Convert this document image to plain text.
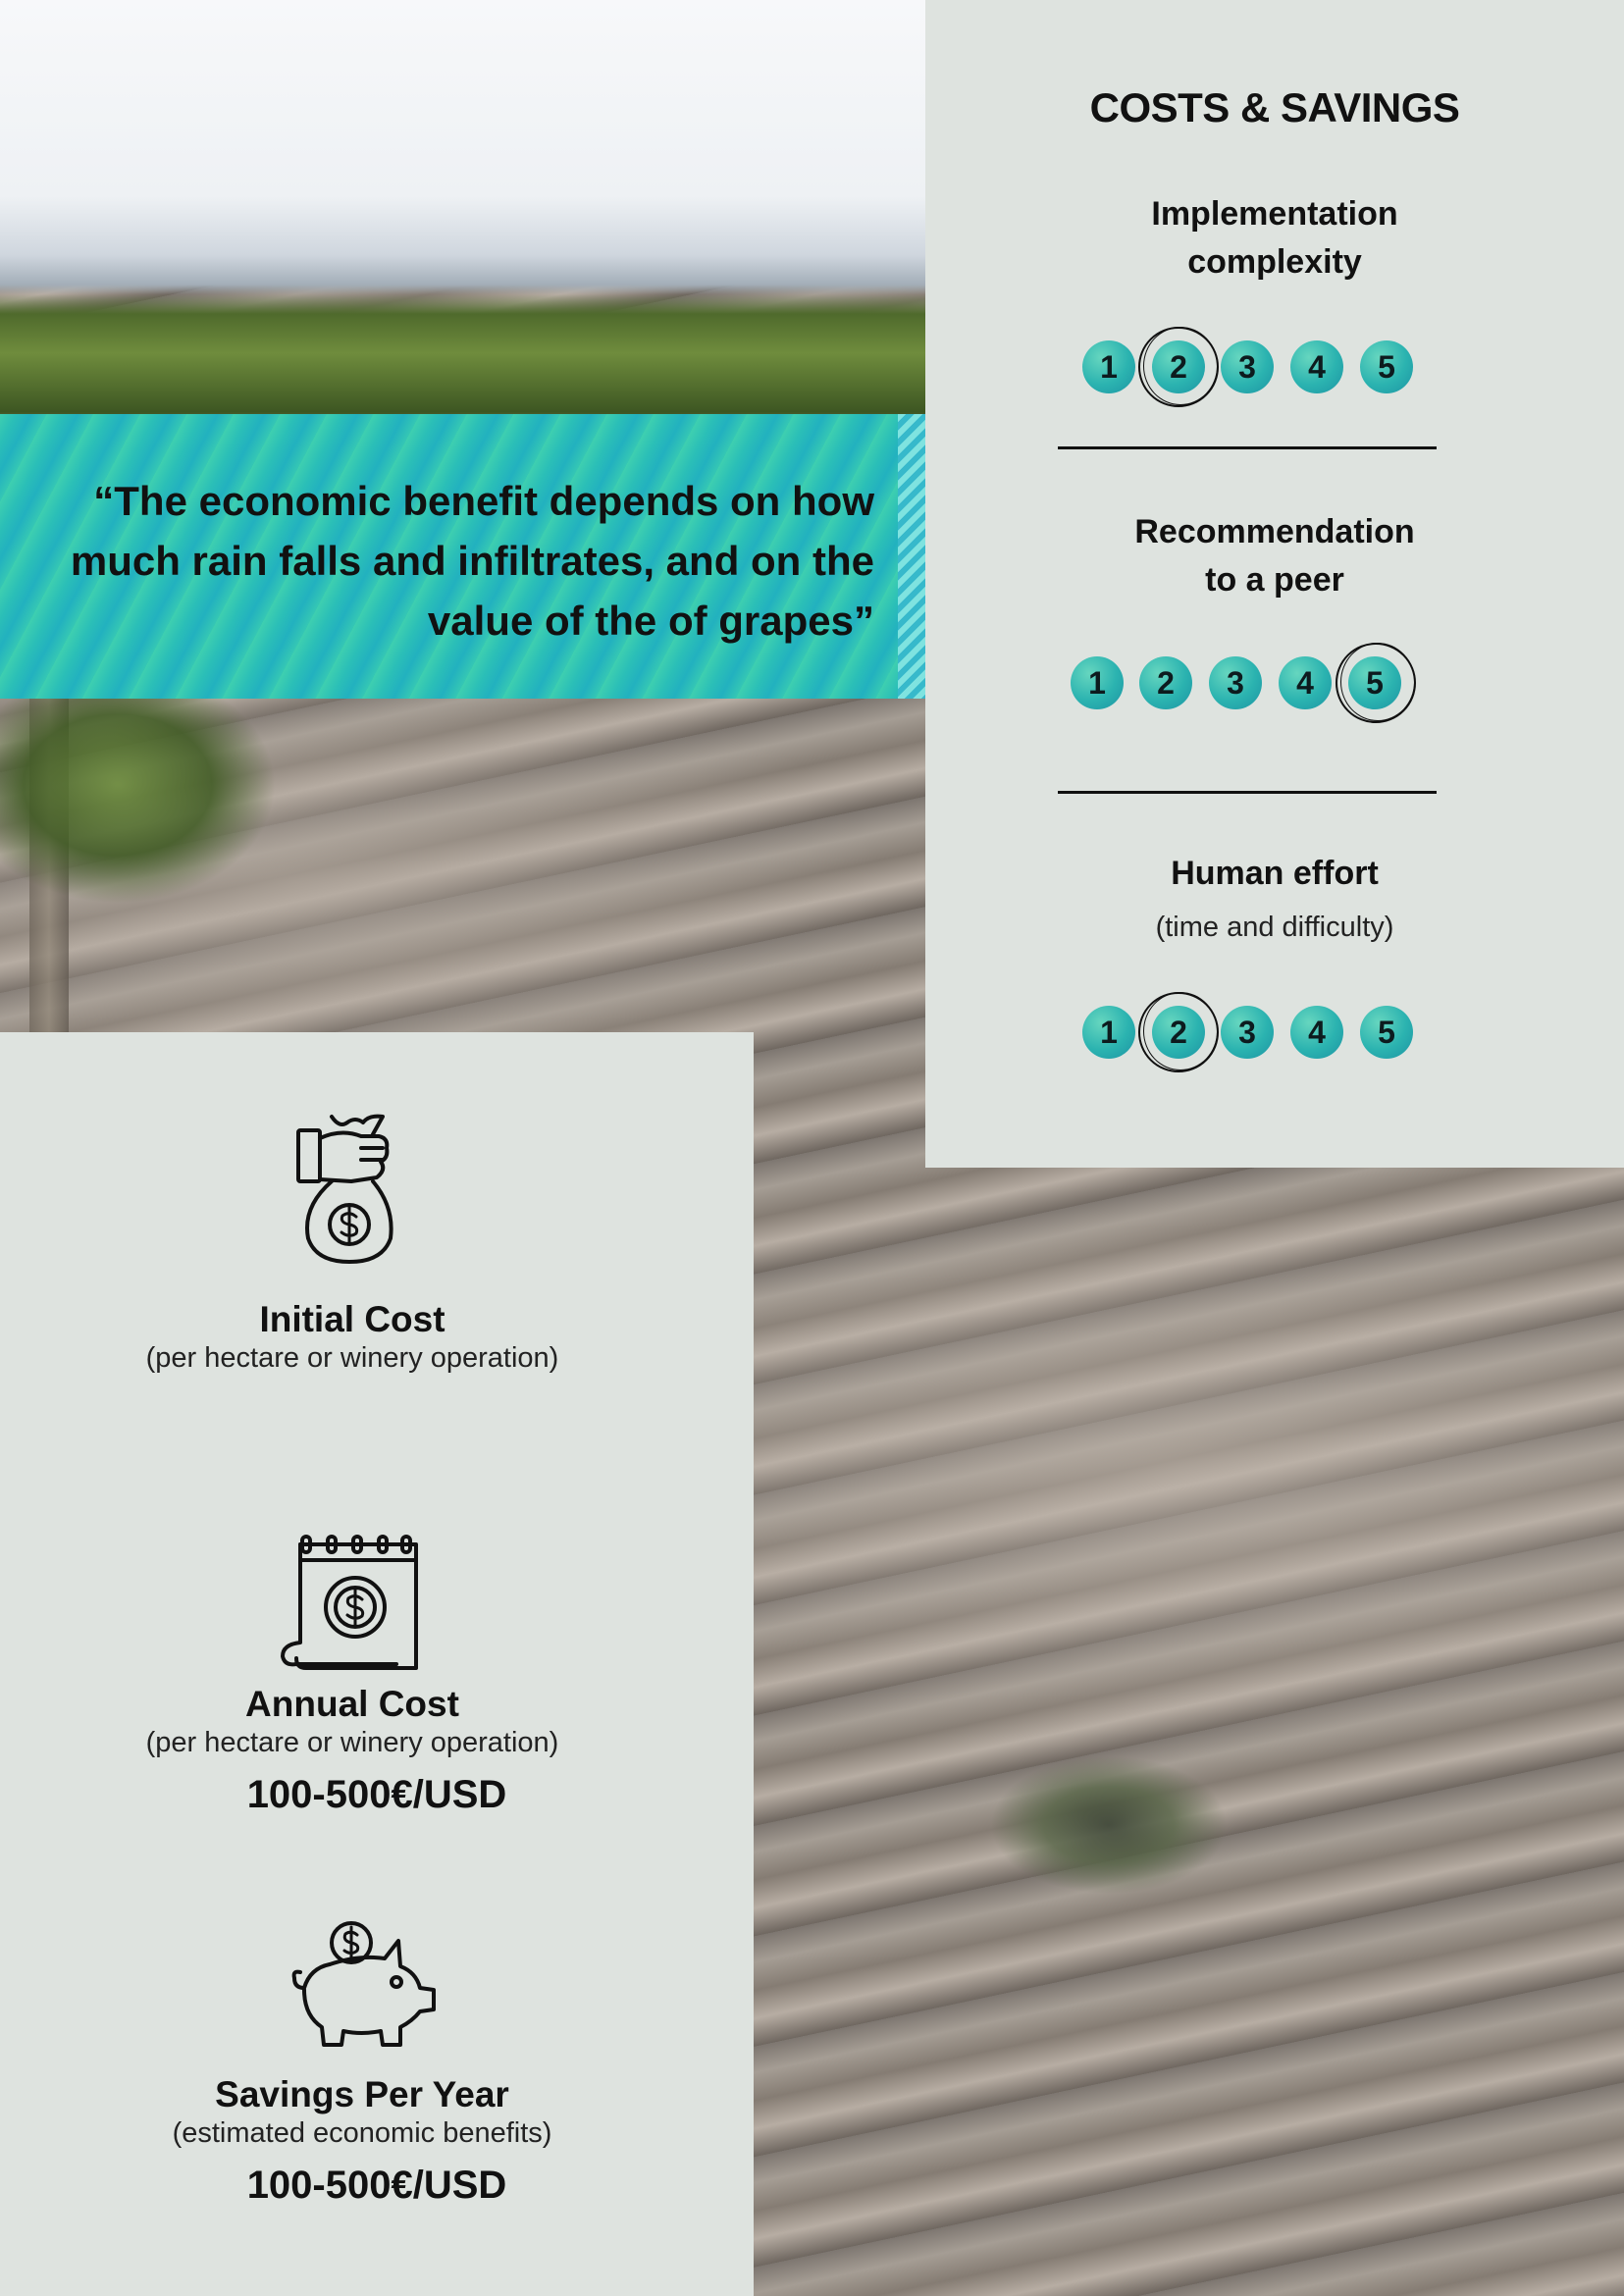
“The economic benefit depends on how much rain falls and infiltrates, and on the value of the of grapes”
COSTS & SAVINGS
Implementation complexity
1	2	3	4	5
Recommendation to a peer
1	2	3	4	5
Human effort
(time and difficulty)
1	2	3	4	5
Initial Cost
(per hectare or winery operation)
Annual Cost
(per hectare or winery operation)
100-500€/USD
Savings Per Year
(estimated economic benefits)
100-500€/USD
